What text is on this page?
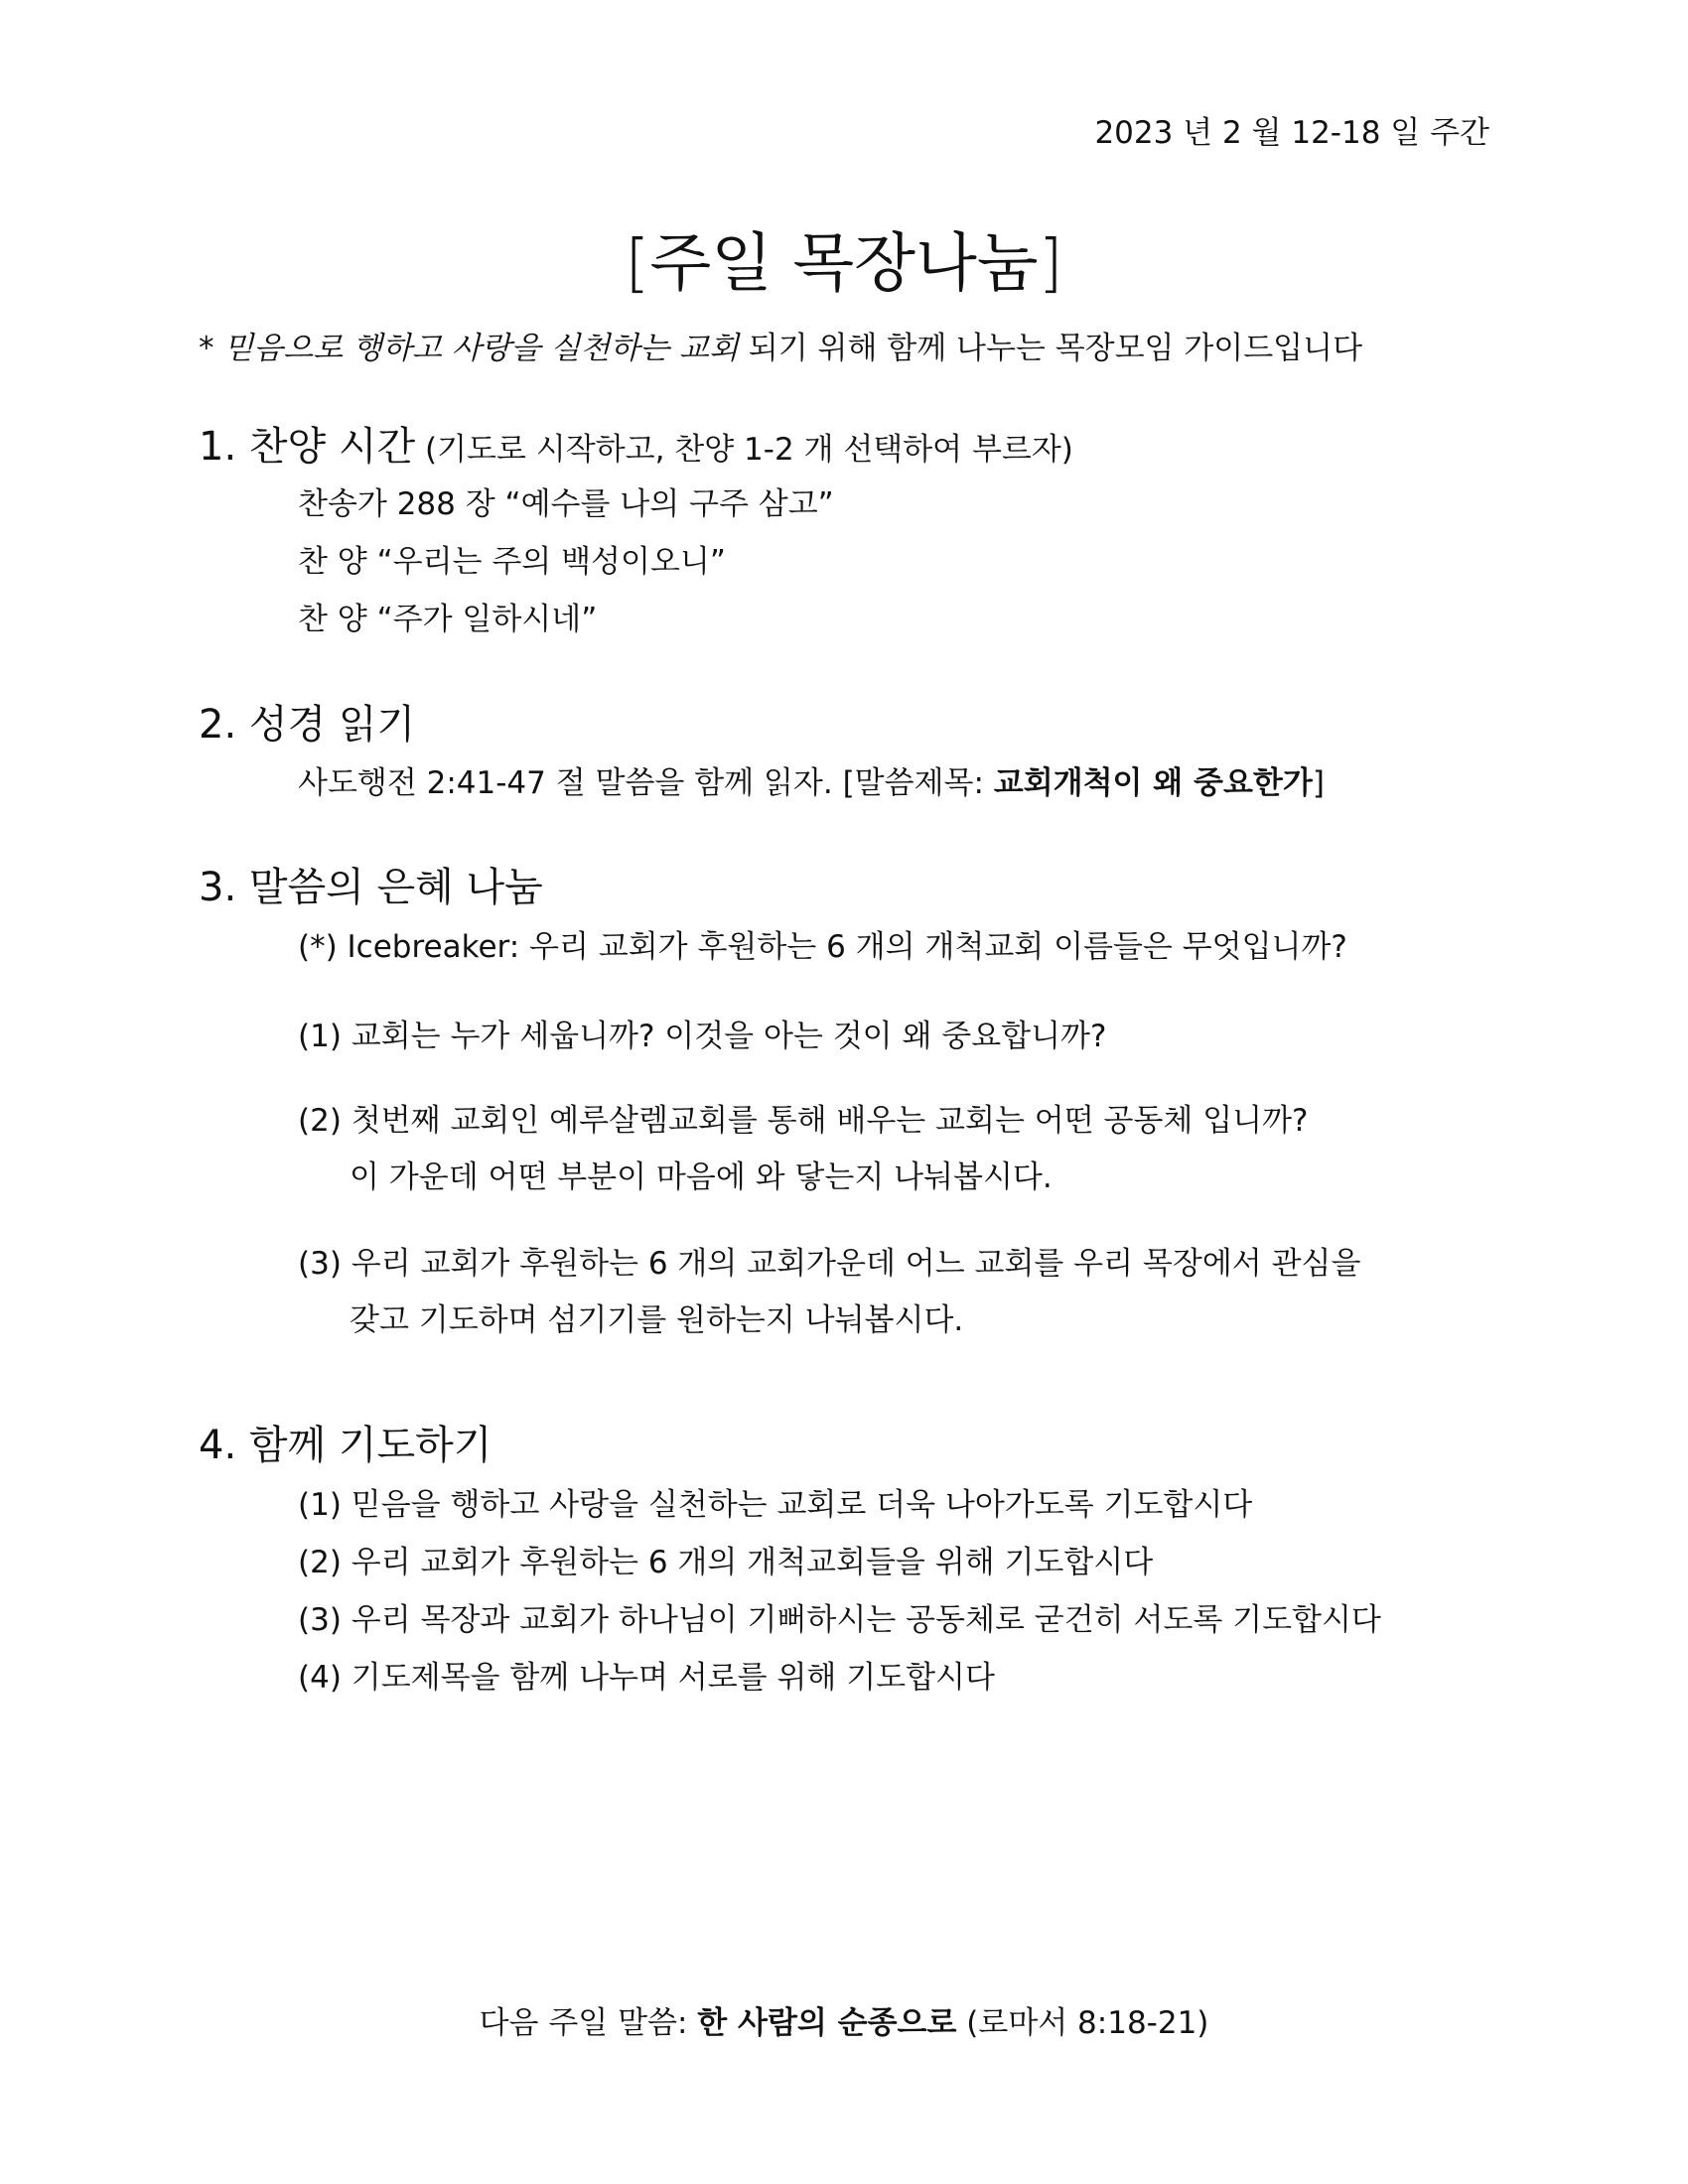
2023 년 2 월 12-18 일 주간
[주일 목장나눔]
* 믿음으로 행하고 사랑을 실천하는 교회 되기 위해 함께 나누는 목장모임 가이드입니다
1. 찬양 시간 (기도로 시작하고, 찬양 1-2 개 선택하여 부르자)
찬송가 288 장 “예수를 나의 구주 삼고”
찬 양 “우리는 주의 백성이오니”
찬 양 “주가 일하시네”
2. 성경 읽기
사도행전 2:41-47 절 말씀을 함께 읽자. [말씀제목: 교회개척이 왜 중요한가]
3. 말씀의 은혜 나눔
(*) Icebreaker: 우리 교회가 후원하는 6 개의 개척교회 이름들은 무엇입니까?
(1) 교회는 누가 세웁니까? 이것을 아는 것이 왜 중요합니까?
(2) 첫번째 교회인 예루살렘교회를 통해 배우는 교회는 어떤 공동체 입니까?
이 가운데 어떤 부분이 마음에 와 닿는지 나눠봅시다.
(3) 우리 교회가 후원하는 6 개의 교회가운데 어느 교회를 우리 목장에서 관심을
갖고 기도하며 섬기기를 원하는지 나눠봅시다.
4. 함께 기도하기
(1) 믿음을 행하고 사랑을 실천하는 교회로 더욱 나아가도록 기도합시다
(2) 우리 교회가 후원하는 6 개의 개척교회들을 위해 기도합시다
(3) 우리 목장과 교회가 하나님이 기뻐하시는 공동체로 굳건히 서도록 기도합시다
(4) 기도제목을 함께 나누며 서로를 위해 기도합시다
다음 주일 말씀: 한 사람의 순종으로 (로마서 8:18-21)
